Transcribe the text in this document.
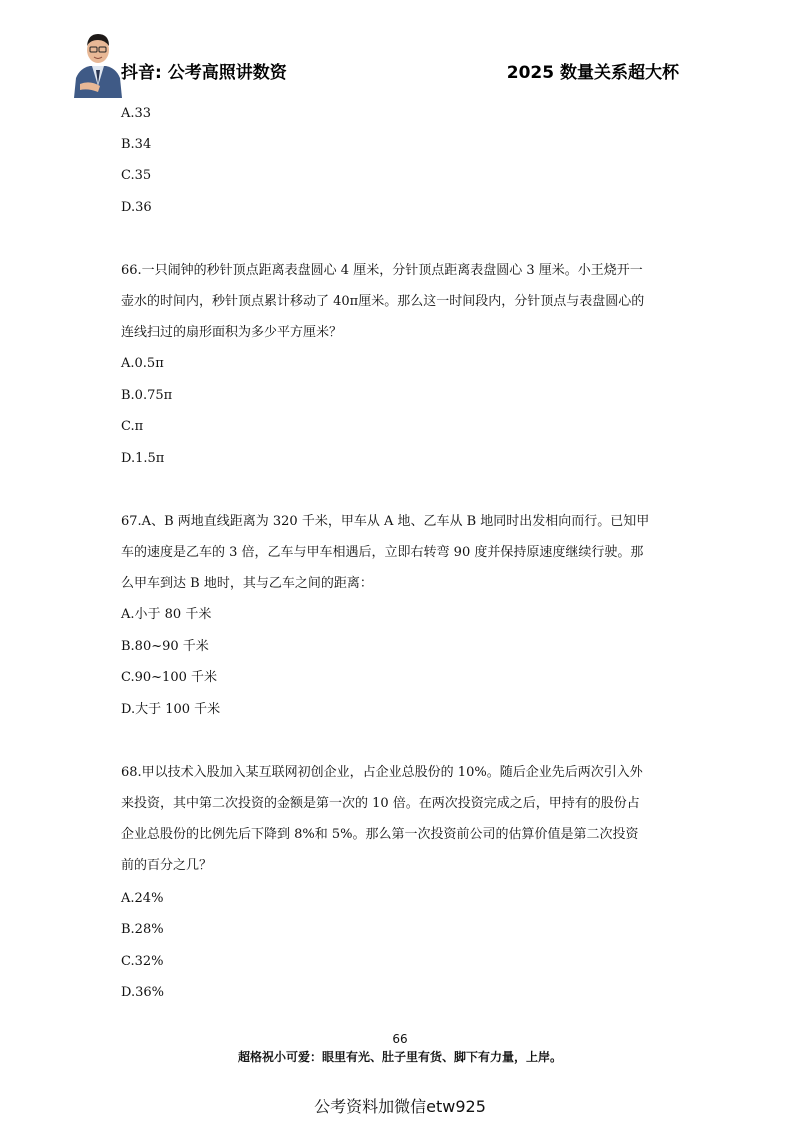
抖音: 公考高照讲数资	2025 数量关系超大杯
A.33
B.34
C.35
D.36
66.一只闹钟的秒针顶点距离表盘圆心 4 厘米，分针顶点距离表盘圆心 3 厘米。小王烧开一
壶水的时间内，秒针顶点累计移动了 40π厘米。那么这一时间段内，分针顶点与表盘圆心的
连线扫过的扇形面积为多少平方厘米？
A.0.5π
B.0.75π
C.π
D.1.5π
67.A、B 两地直线距离为 320 千米，甲车从 A 地、乙车从 B 地同时出发相向而行。已知甲
车的速度是乙车的 3 倍，乙车与甲车相遇后，立即右转弯 90 度并保持原速度继续行驶。那
么甲车到达 B 地时，其与乙车之间的距离：
A.小于 80 千米
B.80~90 千米
C.90~100 千米
D.大于 100 千米
68.甲以技术入股加入某互联网初创企业，占企业总股份的 10%。随后企业先后两次引入外
来投资，其中第二次投资的金额是第一次的 10 倍。在两次投资完成之后，甲持有的股份占
企业总股份的比例先后下降到 8%和 5%。那么第一次投资前公司的估算价值是第二次投资
前的百分之几？
A.24%
B.28%
C.32%
D.36%
66
超格祝小可爱：眼里有光、肚子里有货、脚下有力量，上岸。
公考资料加微信etw925
